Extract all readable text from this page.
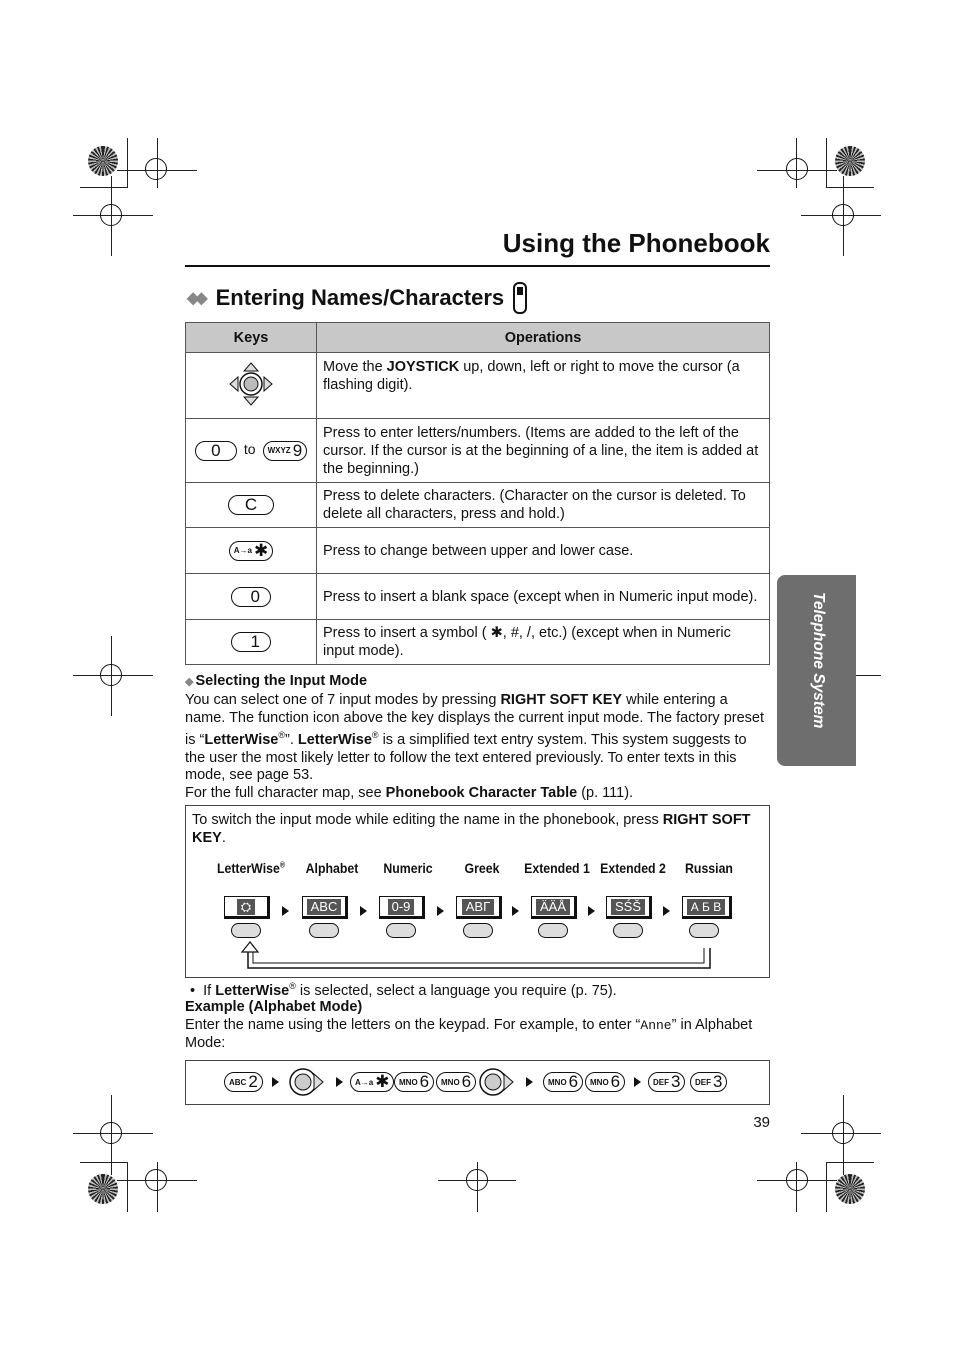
Using the Phonebook
◆◆ Entering Names/Characters
Keys	Operations
	Move the JOYSTICK up, down, left or right to move the cursor (a flashing digit).

0 to WXYZ 9	Press to enter letters/numbers. (Items are added to the left of the cursor. If the cursor is at the beginning of a line, the item is added at the beginning.)

C	Press to delete characters. (Character on the cursor is deleted. To delete all characters, press and hold.)

A→a ✱	Press to change between upper and lower case.

0	Press to insert a blank space (except when in Numeric input mode).

1	Press to insert a symbol ( ✱, #, /, etc.) (except when in Numeric input mode).
◆ Selecting the Input Mode
You can select one of 7 input modes by pressing RIGHT SOFT KEY while entering a name. The function icon above the key displays the current input mode. The factory preset is “LetterWise®”. LetterWise® is a simplified text entry system. This system suggests to the user the most likely letter to follow the text entered previously. To enter texts in this mode, see page 53.
For the full character map, see Phonebook Character Table (p. 111).
To switch the input mode while editing the name in the phonebook, press RIGHT SOFT KEY.
LetterWise®	Alphabet	Numeric	Greek	Extended 1 Extended 2	Russian
⛭	ABC	0-9	ΑΒΓ	ÄÄÅ	SŚŠ	А Б В
•  If LetterWise® is selected, select a language you require (p. 75).
Example (Alphabet Mode)
Enter the name using the letters on the keypad. For example, to enter “Anne” in Alphabet Mode:
ABC 2	A→a ✱ MNO 6 MNO 6	MNO 6 MNO 6	DEF 3 DEF 3
39
Telephone System
